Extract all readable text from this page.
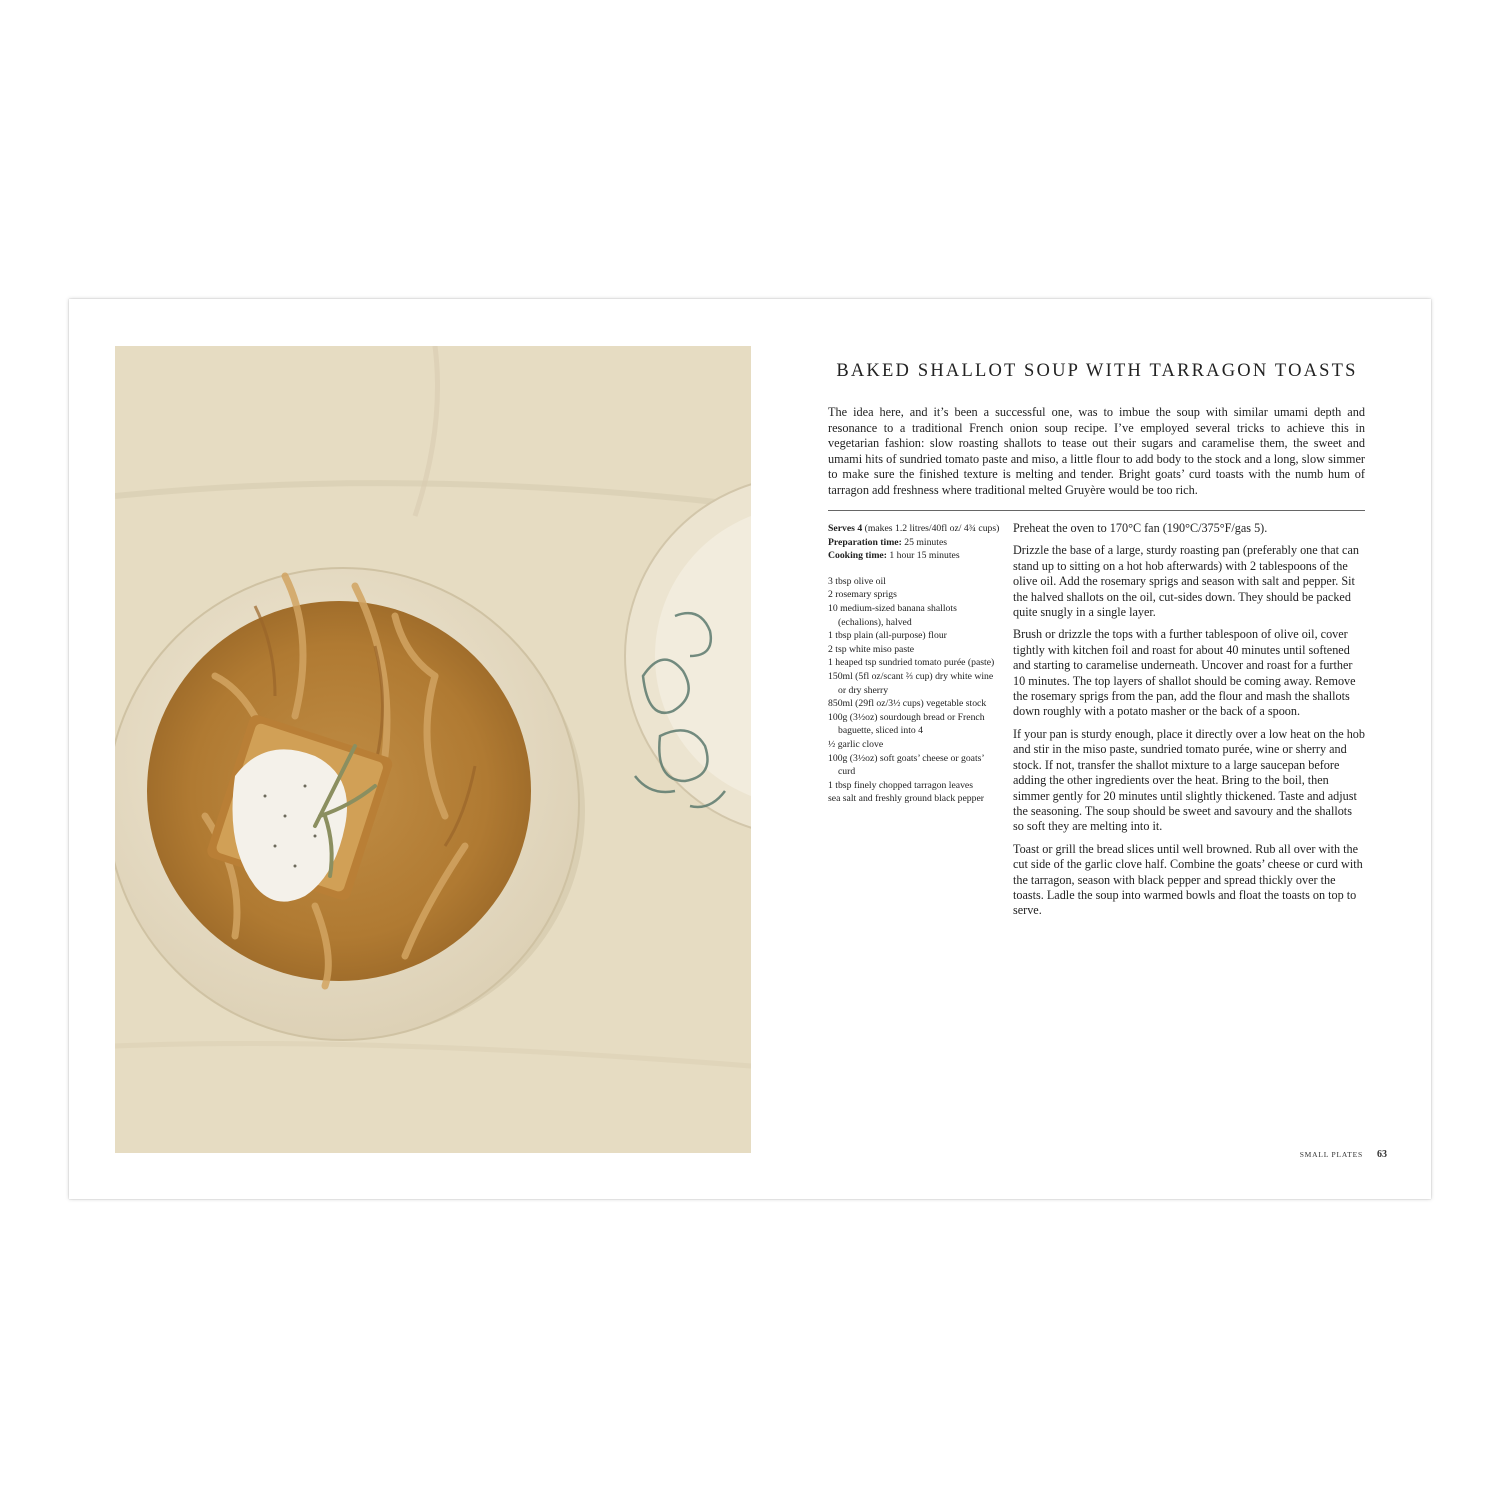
BAKED SHALLOT SOUP WITH TARRAGON TOASTS

The idea here, and it’s been a successful one, was to imbue the soup with similar umami depth and resonance to a traditional French onion soup recipe. I’ve employed several tricks to achieve this in vegetarian fashion: slow roasting shallots to tease out their sugars and caramelise them, the sweet and umami hits of sundried tomato paste and miso, a little flour to add body to the stock and a long, slow simmer to make sure the finished texture is melting and tender. Bright goats’ curd toasts with the numb hum of tarragon add freshness where traditional melted Gruyère would be too rich.

Serves 4 (makes 1.2 litres/40fl oz/ 4¾ cups)

Preparation time: 25 minutes

Cooking time: 1 hour 15 minutes

3 tbsp olive oil
2 rosemary sprigs
10 medium-sized banana shallots (echalions), halved
1 tbsp plain (all-purpose) flour
2 tsp white miso paste
1 heaped tsp sundried tomato purée (paste)
150ml (5fl oz/scant ⅔ cup) dry white wine or dry sherry
850ml (29fl oz/3½ cups) vegetable stock
100g (3½oz) sourdough bread or French baguette, sliced into 4
½ garlic clove
100g (3½oz) soft goats’ cheese or goats’ curd
1 tbsp finely chopped tarragon leaves
sea salt and freshly ground black pepper

Preheat the oven to 170°C fan (190°C/375°F/gas 5).

Drizzle the base of a large, sturdy roasting pan (preferably one that can stand up to sitting on a hot hob afterwards) with 2 tablespoons of the olive oil. Add the rosemary sprigs and season with salt and pepper. Sit the halved shallots on the oil, cut-sides down. They should be packed quite snugly in a single layer.

Brush or drizzle the tops with a further tablespoon of olive oil, cover tightly with kitchen foil and roast for about 40 minutes until softened and starting to caramelise underneath. Uncover and roast for a further 10 minutes. The top layers of shallot should be coming away. Remove the rosemary sprigs from the pan, add the flour and mash the shallots down roughly with a potato masher or the back of a spoon.

If your pan is sturdy enough, place it directly over a low heat on the hob and stir in the miso paste, sundried tomato purée, wine or sherry and stock. If not, transfer the shallot mixture to a large saucepan before adding the other ingredients over the heat. Bring to the boil, then simmer gently for 20 minutes until slightly thickened. Taste and adjust the seasoning. The soup should be sweet and savoury and the shallots so soft they are melting into it.

Toast or grill the bread slices until well browned. Rub all over with the cut side of the garlic clove half. Combine the goats’ cheese or curd with the tarragon, season with black pepper and spread thickly over the toasts. Ladle the soup into warmed bowls and float the toasts on top to serve.

SMALL PLATES 63
